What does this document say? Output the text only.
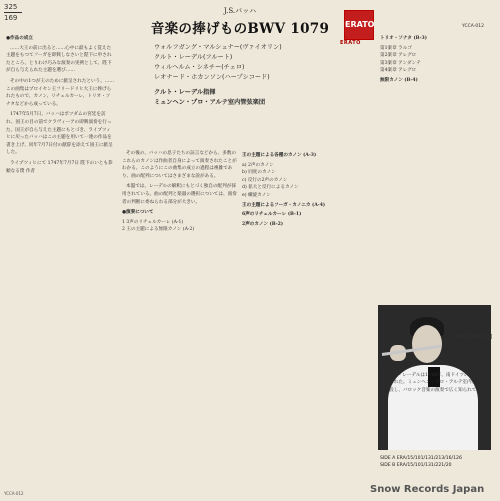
325
169
J.S.バッハ
音楽の捧げものBWV 1079
ウォルフガング・マルシュナー(ヴァイオリン)
クルト・レーデル(フルート)
ウィルヘルム・シネチー(チェロ)
レオナード・ホカンソン(ハープシコード)
クルト・レーデル指揮
ミュンヘン・プロ・アルテ室内管弦楽団
ERATO
ERATO
YCCA-012
●作品の成立

……大王の前に出ると……心中に最もよく覚えた主題をもつてフーガを即興しなさいと陛下に申されたところ、とりわけ巧みな演奏の実例として、陛下が自ら与えられた主題を選び……

その中の1つが王のために献呈されたという。……この曲集はプロイセン王フリードリヒ大王に捧げられたもので、カノン、リチェルカーレ、トリオ・ソナタなどから成っている。

1747年5月7日、バッハはポツダムの宮廷を訪れ、国王の目の前でクラヴィーアの即興演奏を行った。国王が自ら与えた主題にもとづき、ライプツィヒに戻ったバッハはこの主題を用いて一連の作品を書き上げ、同年7月7日付の献辞を添えて国王に献呈した。

ライプツィヒにて 1747年7月7日 陛下のいとも恭順なる僕 作者

その後の、バッハの息子たちの証言などから、多数のこれらのカノンは作曲者自身によって演奏されたことがわかる。このようにこの曲集の成立の過程は複雑であり、曲の配列についてはさまざまな説がある。

本盤では、レーデルの解釈にもとづく独自の配列が採用されている。曲の配列と楽器の選択については、演奏者の判断に委ねられる部分が大きい。

●演奏について
1 3声のリチェルカーレ (A-1)
2 王の主題による無限カノン (A-2)
王の主題による各種のカノン (A-3)
a) 2声のカノン
b) 同度のカノン
c) 反行の2声のカノン
d) 拡大と反行によるカノン
e) 螺旋カノン
王の主題によるフーガ・カノニカ (A-4)
6声のリチェルカーレ (B-1)
2声のカノン (B-2)
トリオ・ソナタ (B-3)
第1楽章 ラルゴ
第2楽章 アレグロ
第3楽章 アンダンテ
第4楽章 アレグロ
無限カノン (B-4)
[解説: 服部幸三]
●演奏者について

クルト・レーデルは1918年、南ドイツのブレスラウに生まれた。ミュンヘン・プロ・アルテ室内管弦楽団を創設し、バロック音楽の演奏で広く知られている。

SIDE A ERA/15/101/131/213/16/126
SIDE B ERA/15/101/131/221/20
Snow Records Japan
YCCA-012
